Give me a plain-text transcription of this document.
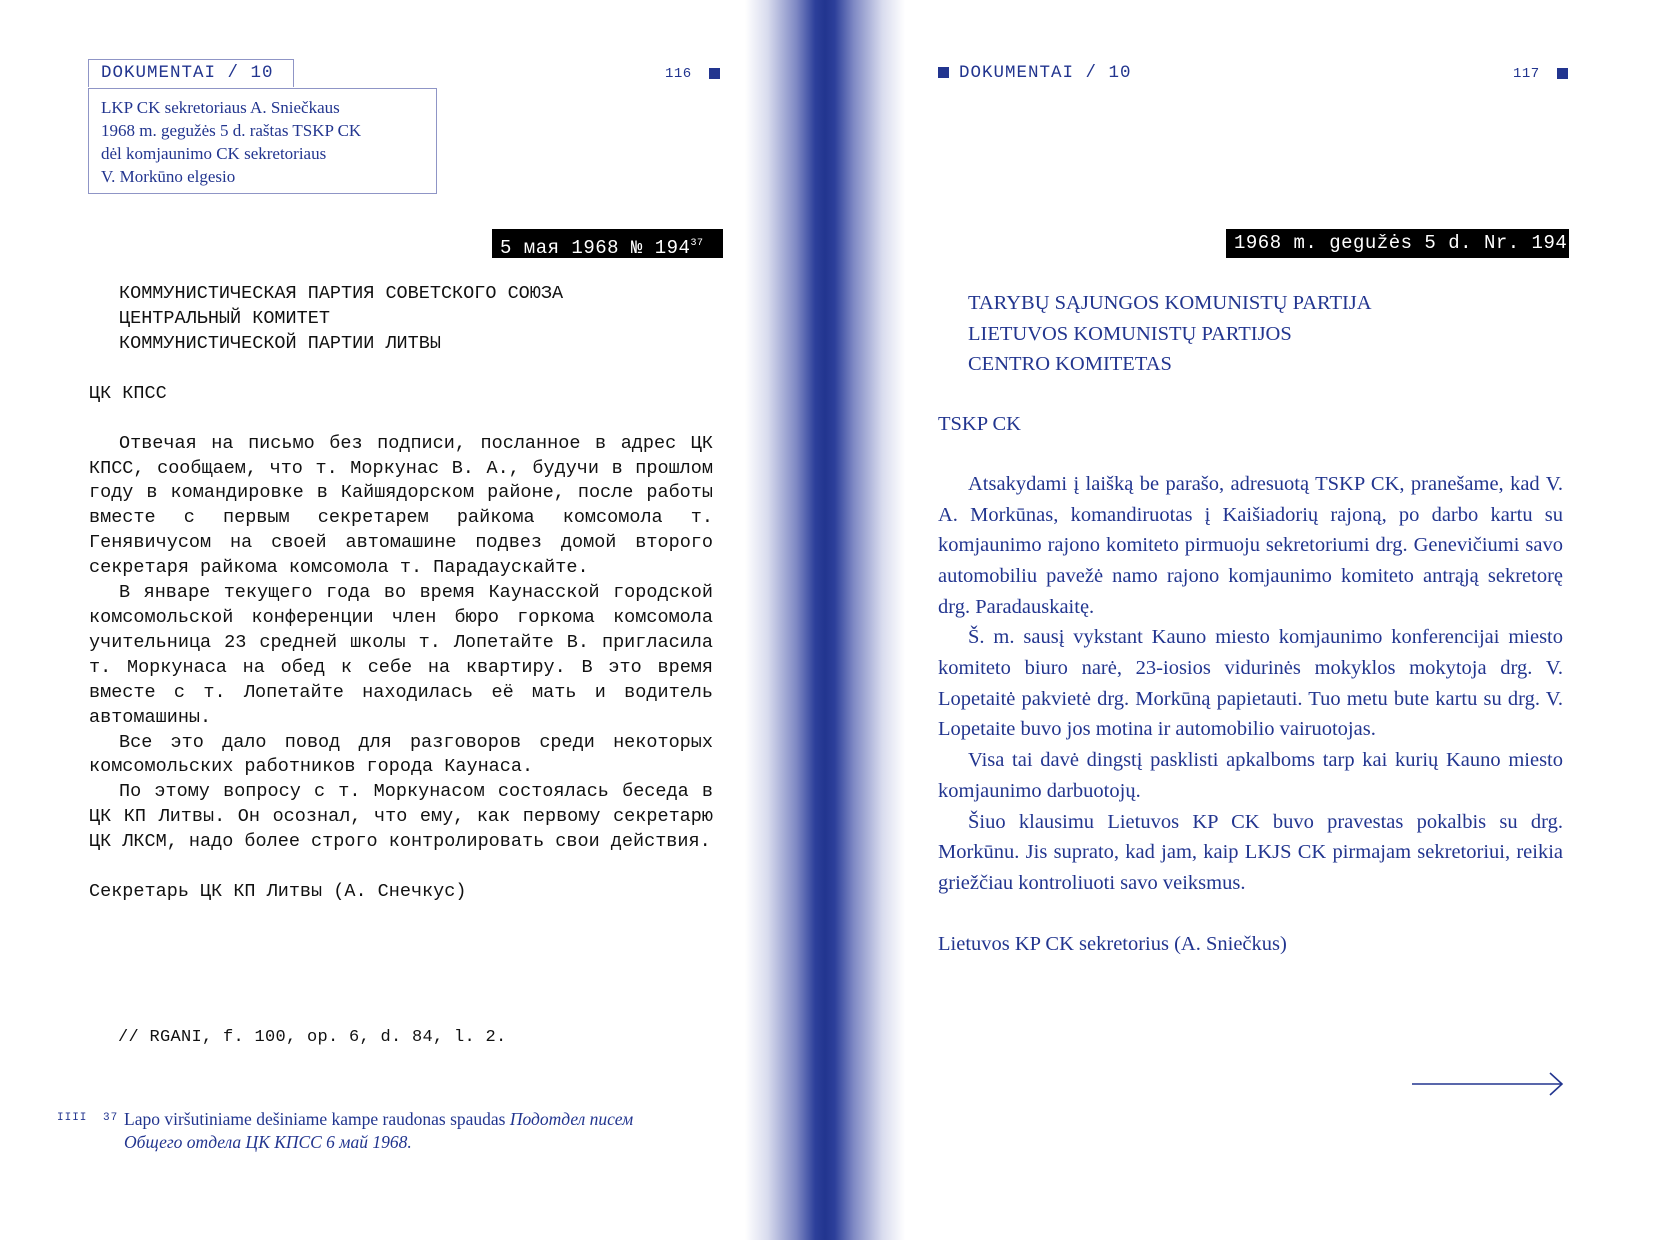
DOKUMENTAI / 10
LKP CK sekretoriaus A. Sniečkaus
1968 m. gegužės 5 d. raštas TSKP CK
dėl komjaunimo CK sekretoriaus
V. Morkūno elgesio
116
5 мая 1968 № $194^{37}$

КОММУНИСТИЧЕСКАЯ ПАРТИЯ СОВЕТСКОГО СОЮЗА

ЦЕНТРАЛЬНЫЙ КОМИТЕТ

КОММУНИСТИЧЕСКОЙ ПАРТИИ ЛИТВЫ

ЦК КПСС

Отвечая на письмо без подписи, посланное в адрес ЦК КПСС, сообщаем, что т. Моркунас В. А., будучи в прошлом году в командировке в Кайшядорском районе, после работы вместе с первым секретарем райкома комсомола т. Генявичусом на своей автомашине подвез домой второго секретаря райкома комсомола т. Парадаускайте.

В январе текущего года во время Каунасской городской комсомольской конференции член бюро горкома комсомола учительница 23 средней школы т. Лопетайте В. пригласила т. Моркунаса на обед к себе на квартиру. В это время вместе с т. Лопетайте находилась её мать и водитель автомашины.

Все это дало повод для разговоров среди некоторых комсомольских работников города Каунаса.

По этому вопросу с т. Моркунасом состоялась беседа в ЦК КП Литвы. Он осознал, что ему, как первому секретарю ЦК ЛКСМ, надо более строго контролировать свои действия.

Секретарь ЦК КП Литвы (А. Снечкус)

// RGANI, f. 100, op. 6, d. 84, l. 2.
IIII 37 Lapo viršutiniame dešiniame kampe raudonas spaudas Подотдел писем
Общего отдела ЦК КПСС 6 май 1968.
DOKUMENTAI / 10	117
1968 m. gegužės 5 d. Nr. 194

TARYBŲ SĄJUNGOS KOMUNISTŲ PARTIJA

LIETUVOS KOMUNISTŲ PARTIJOS

CENTRO KOMITETAS

TSKP CK

Atsakydami į laišką be parašo, adresuotą TSKP CK, pranešame, kad V. A. Morkūnas, komandiruotas į Kaišiadorių rajoną, po darbo kartu su komjaunimo rajono komiteto pirmuoju sekretoriumi drg. Genevičiumi savo automobiliu pavežė namo rajono komjaunimo komiteto antrąją sekretorę drg. Paradauskaitę.

Š. m. sausį vykstant Kauno miesto komjaunimo konferencijai miesto komiteto biuro narė, 23-iosios vidurinės mokyklos mokytoja drg. V. Lopetaitė pakvietė drg. Morkūną papietauti. Tuo metu bute kartu su drg. V. Lopetaite buvo jos motina ir automobilio vairuotojas.

Visa tai davė dingstį pasklisti apkalboms tarp kai kurių Kauno miesto komjaunimo darbuotojų.

Šiuo klausimu Lietuvos KP CK buvo pravestas pokalbis su drg. Morkūnu. Jis suprato, kad jam, kaip LKJS CK pirmajam sekretoriui, reikia griežčiau kontroliuoti savo veiksmus.

Lietuvos KP CK sekretorius (A. Sniečkus)
